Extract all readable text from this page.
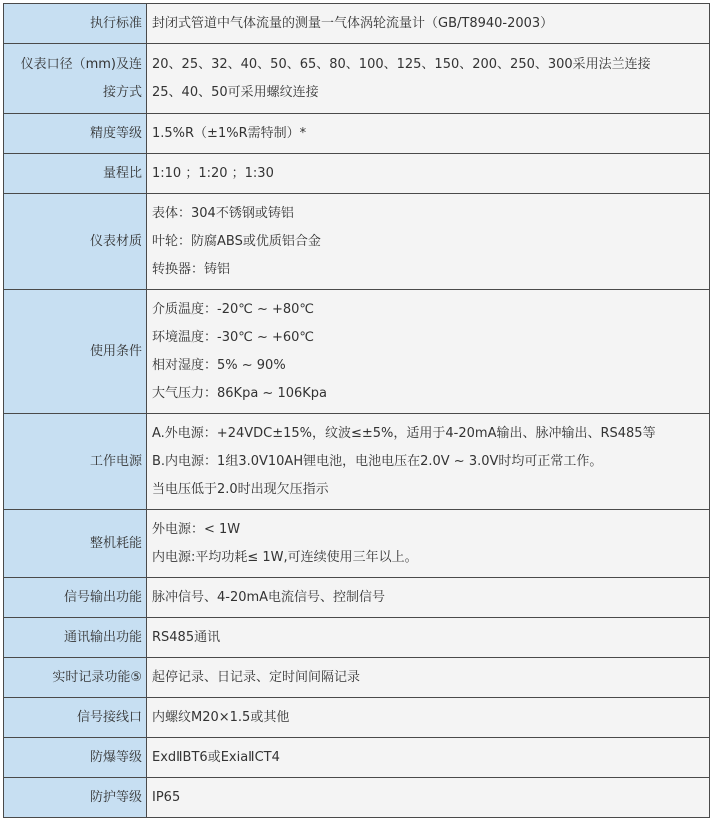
执行标准	封闭式管道中气体流量的测量一气体涡轮流量计（GB/T8940-2003）

仪表口径（mm)及连
接方式	20、25、32、40、50、65、80、100、125、150、200、250、300采用法兰连接
25、40、50可采用螺纹连接

精度等级	1.5%R（±1%R需特制）*

量程比	1:10 ；1:20 ；1:30

仪表材质	表体：304不锈钢或铸铝
叶轮：防腐ABS或优质铝合金
转换器：铸铝

使用条件	介质温度：-20℃ ~ +80℃
环境温度：-30℃ ~ +60℃
相对湿度：5% ~ 90%
大气压力：86Kpa ~ 106Kpa

工作电源	A.外电源：+24VDC±15%，纹波≤±5%，适用于4-20mA输出、脉冲输出、RS485等
B.内电源：1组3.0V10AH锂电池，电池电压在2.0V ~ 3.0V时均可正常工作。
当电压低于2.0时出现欠压指示

整机耗能	外电源：< 1W
内电源:平均功耗≤ 1W,可连续使用三年以上。

信号输出功能	脉冲信号、4-20mA电流信号、控制信号

通讯输出功能	RS485通讯

实时记录功能⑤	起停记录、日记录、定时间间隔记录

信号接线口	内螺纹M20×1.5或其他

防爆等级	ExdⅡBT6或ExiaⅡCT4

防护等级	IP65
